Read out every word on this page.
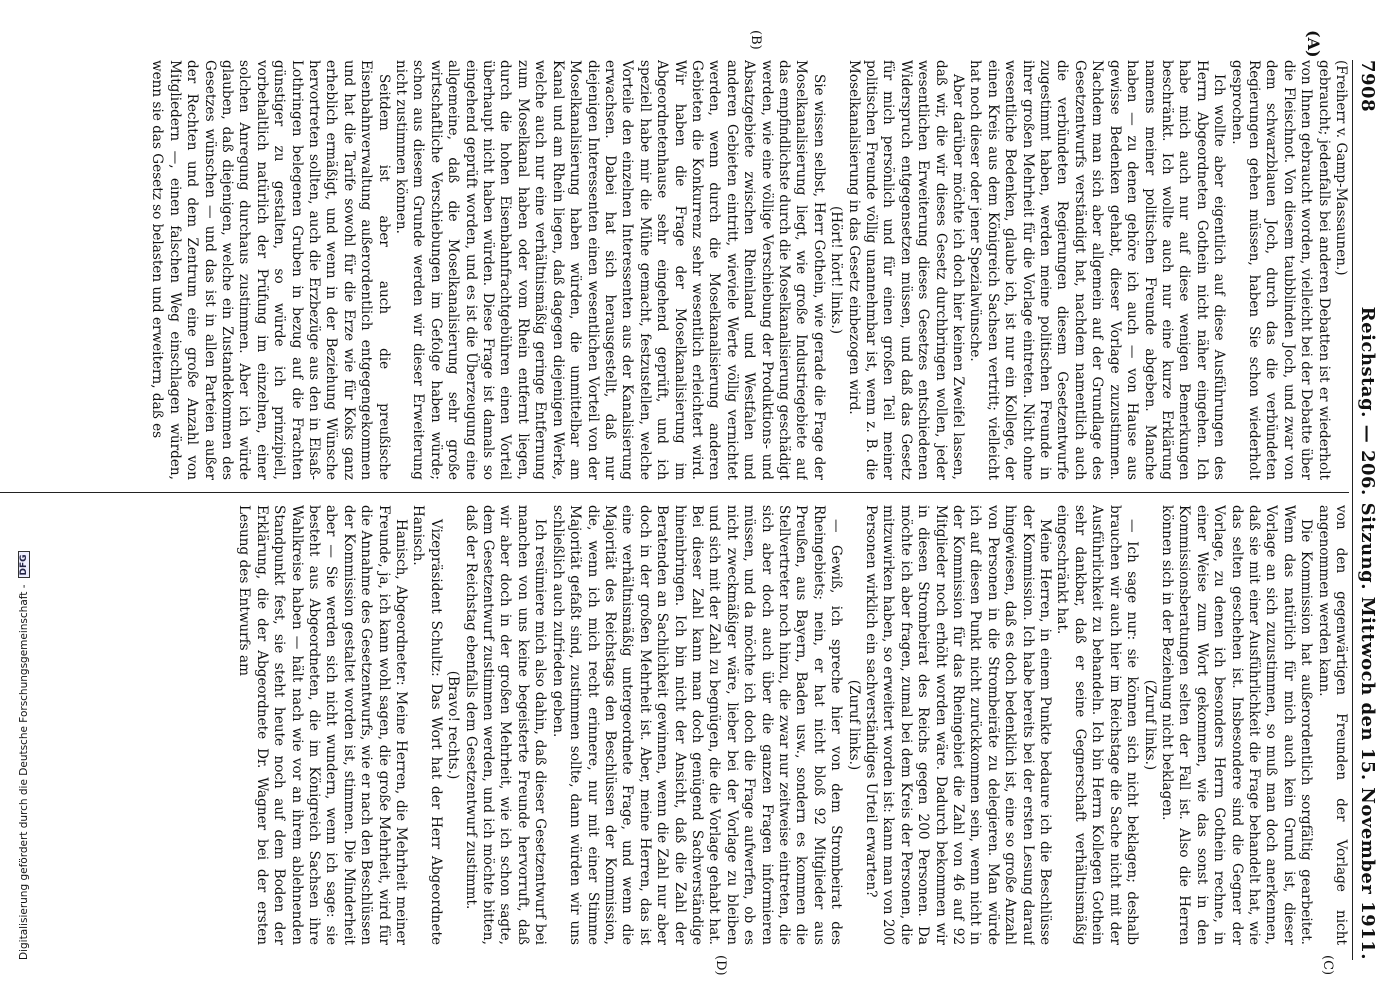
7908
Reichstag. — 206. Sitzung. Mittwoch den 15. November 1911.
(A)
(B)
(C)
(D)

(Freiherr v. Gamp-Massaunen.)

gebraucht; jedenfalls bei anderen Debatten ist er wiederholt von Ihnen gebraucht worden, vielleicht bei der Debatte über die Fleischnot. Von diesem taubblinden Joch, und zwar von dem schwarzblauen Joch, durch das die verbündeten Regierungen gehen müssen, haben Sie schon wiederholt gesprochen.

Ich wollte aber eigentlich auf diese Ausführungen des Herrn Abgeordneten Gothein nicht näher eingehen. Ich habe mich auch nur auf diese wenigen Bemerkungen beschränkt. Ich wollte auch nur eine kurze Erklärung namens meiner politischen Freunde abgeben. Manche haben — zu denen gehöre ich auch — von Hause aus gewisse Bedenken gehabt, dieser Vorlage zuzustimmen. Nachdem man sich aber allgemein auf der Grundlage des Gesetzentwurfs verständigt hat, nachdem namentlich auch die verbündeten Regierungen diesem Gesetzentwurfe zugestimmt haben, werden meine politischen Freunde in ihrer großen Mehrheit für die Vorlage eintreten. Nicht ohne wesentliche Bedenken, glaube ich, ist nur ein Kollege, der einen Kreis aus dem Königreich Sachsen vertritt; vielleicht hat noch dieser oder jener Spezialwünsche.

Aber darüber möchte ich doch hier keinen Zweifel lassen, daß wir, die wir dieses Gesetz durchbringen wollen, jeder wesentlichen Erweiterung dieses Gesetzes entschiedenen Widerspruch entgegensetzen müssen, und daß das Gesetz für mich persönlich und für einen großen Teil meiner politischen Freunde völlig unannehmbar ist, wenn z. B. die Moselkanalisierung in das Gesetz einbezogen wird.

(Hört! hört! links.)

Sie wissen selbst, Herr Gothein, wie gerade die Frage der Moselkanalisierung liegt, wie große Industriegebiete auf das empfindlichste durch die Moselkanalisierung geschädigt werden, wie eine völlige Verschiebung der Produktions- und Absatzgebiete zwischen Rheinland und Westfalen und anderen Gebieten eintritt, wieviele Werte völlig vernichtet werden, wenn durch die Moselkanalisierung anderen Gebieten die Konkurrenz sehr wesentlich erleichtert wird. Wir haben die Frage der Moselkanalisierung im Abgeordnetenhause sehr eingehend geprüft, und ich speziell habe mir die Mühe gemacht, festzustellen, welche Vorteile den einzelnen Interessenten aus der Kanalisierung erwachsen. Dabei hat sich herausgestellt, daß nur diejenigen Interessenten einen wesentlichen Vorteil von der Moselkanalisierung haben würden, die unmittelbar am Kanal und am Rhein liegen, daß dagegen diejenigen Werke, welche auch nur eine verhältnismäßig geringe Entfernung zum Moselkanal haben oder vom Rhein entfernt liegen, durch die hohen Eisenbahnfrachtgebühren einen Vorteil überhaupt nicht haben würden. Diese Frage ist damals so eingehend geprüft worden, und es ist die Überzeugung eine allgemeine, daß die Moselkanalisierung sehr große wirtschaftliche Verschiebungen im Gefolge haben würde; schon aus diesem Grunde werden wir dieser Erweiterung nicht zustimmen können.

Seitdem ist aber auch die preußische Eisenbahnverwaltung außerordentlich entgegengekommen und hat die Tarife sowohl für die Erze wie für Koks ganz erheblich ermäßigt, und wenn in der Beziehung Wünsche hervortreten sollten, auch die Erzbezüge aus den in Elsaß-Lothringen belegenen Gruben in bezug auf die Frachten günstiger zu gestalten, so würde ich prinzipiell, vorbehaltlich natürlich der Prüfung im einzelnen, einer solchen Anregung durchaus zustimmen. Aber ich würde glauben, daß diejenigen, welche ein Zustandekommen des Gesetzes wünschen — und das ist in allen Parteien außer der Rechten und dem Zentrum eine große Anzahl von Mitgliedern —, einen falschen Weg einschlagen würden, wenn sie das Gesetz so belasten und erweitern, daß es

von den gegenwärtigen Freunden der Vorlage nicht angenommen werden kann.

Die Kommission hat außerordentlich sorgfältig gearbeitet. Wenn das natürlich für mich auch kein Grund ist, dieser Vorlage an sich zuzustimmen, so muß man doch anerkennen, daß sie mit einer Ausführlichkeit die Frage behandelt hat, wie das selten geschehen ist. Insbesondere sind die Gegner der Vorlage, zu denen ich besonders Herrn Gothein rechne, in einer Weise zum Wort gekommen, wie das sonst in den Kommissionsberatungen selten der Fall ist. Also die Herren können sich in der Beziehung nicht beklagen.

(Zuruf links.)

— Ich sage nur: sie können sich nicht beklagen; deshalb brauchen wir auch hier im Reichstage die Sache nicht mit der Ausführlichkeit zu behandeln. Ich bin Herrn Kollegen Gothein sehr dankbar, daß er seine Gegnerschaft verhältnismäßig eingeschränkt hat.

Meine Herren, in einem Punkte bedaure ich die Beschlüsse der Kommission. Ich habe bereits bei der ersten Lesung darauf hingewiesen, daß es doch bedenklich ist, eine so große Anzahl von Personen in die Strombeiräte zu delegieren. Man würde ich auf diesen Punkt nicht zurückkommen sein, wenn nicht in der Kommission für das Rheingebiet die Zahl von 46 auf 92 Mitglieder noch erhöht worden wäre. Dadurch bekommen wir in diesen Strombeirat des Reichs gegen 200 Personen. Da möchte ich aber fragen, zumal bei dem Kreis der Personen, die mitzuwirken haben, so erweitert worden ist: kann man von 200 Personen wirklich ein sachverständiges Urteil erwarten?

(Zuruf links.)

— Gewiß, ich spreche hier von dem Strombeirat des Rheingebiets; nein, er hat nicht bloß 92 Mitglieder aus Preußen, aus Bayern, Baden usw., sondern es kommen die Stellvertreter noch hinzu, die zwar nur zeitweise eintreten, die sich aber doch auch über die ganzen Fragen informieren müssen, und da möchte ich doch die Frage aufwerfen, ob es nicht zweckmäßiger wäre, lieber bei der Vorlage zu bleiben und sich mit der Zahl zu begnügen, die die Vorlage gehabt hat. Bei dieser Zahl kann man doch genügend Sachverständige hineinbringen. Ich bin nicht der Ansicht, daß die Zahl der Beratenden an Sachlichkeit gewinnen, wenn die Zahl nur aber doch in der großen Mehrheit ist. Aber, meine Herren, das ist eine verhältnismäßig untergeordnete Frage, und wenn die Majorität des Reichstags den Beschlüssen der Kommission, die, wenn ich mich recht erinnere, nur mit einer Stimme Majorität gefaßt sind, zustimmen sollte, dann würden wir uns schließlich auch zufrieden geben.

Ich resümiere mich also dahin, daß dieser Gesetzentwurf bei manchen von uns keine begeisterte Freunde hervorruft, daß wir aber doch in der großen Mehrheit, wie ich schon sagte, dem Gesetzentwurf zustimmen werden, und ich möchte bitten, daß der Reichstag ebenfalls dem Gesetzentwurf zustimmt.

(Bravo! rechts.)

Vizepräsident Schultz: Das Wort hat der Herr Abgeordnete Hanisch.

Hanisch, Abgeordneter: Meine Herren, die Mehrheit meiner Freunde, ja, ich kann wohl sagen, die große Mehrheit, wird für die Annahme des Gesetzentwurfs, wie er nach den Beschlüssen der Kommission gestaltet worden ist, stimmen. Die Minderheit aber — Sie werden sich nicht wundern, wenn ich sage: sie besteht aus Abgeordneten, die im Königreich Sachsen ihre Wahlkreise haben — hält nach wie vor an ihrem ablehnenden Standpunkt fest, sie steht heute noch auf dem Boden der Erklärung, die der Abgeordnete Dr. Wagner bei der ersten Lesung des Entwurfs am

Digitalisierung gefördert durch die Deutsche Forschungsgemeinschaft -
DFG
